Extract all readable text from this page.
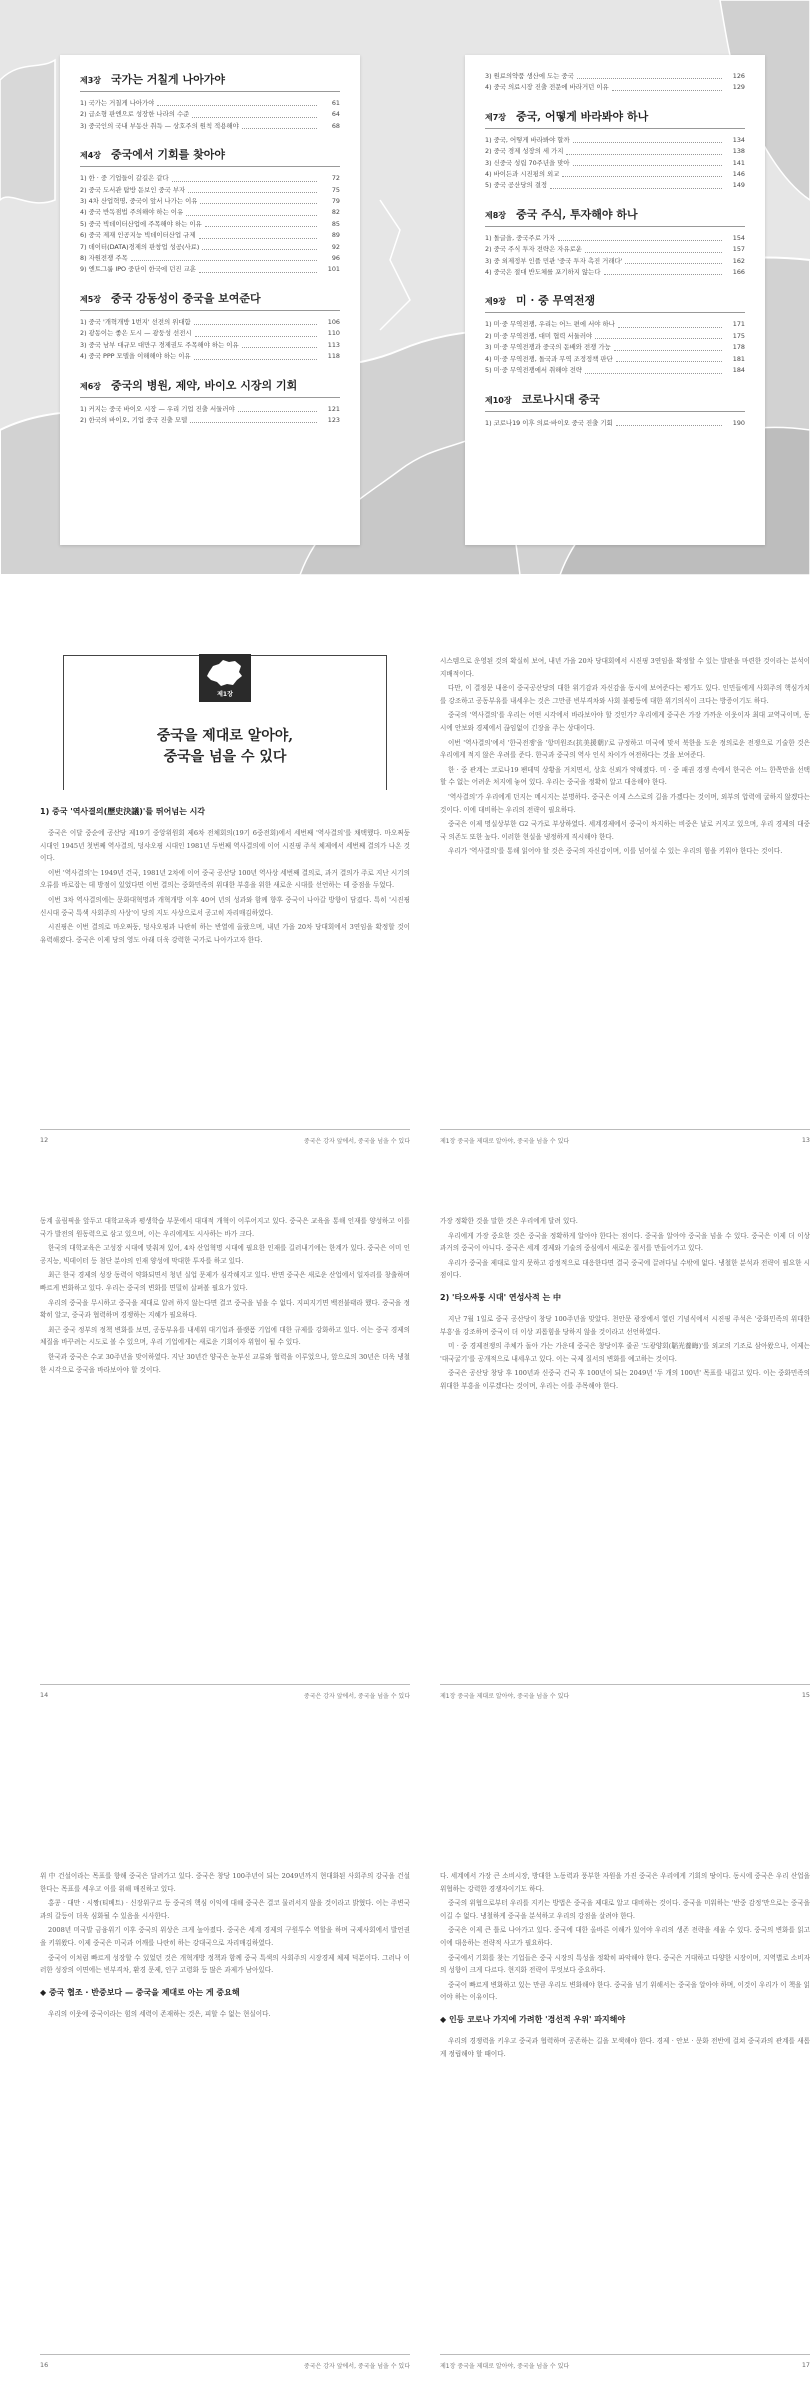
제3장 국가는 거칠게 나아가야
1) 국가는 거칠게 나아가야	61
2) 급소형 판엔으로 성장한 나라의 수준	64
3) 중국인의 국내 부동산 취득 — 상호주의 원칙 적용해야	68
제4장 중국에서 기회를 찾아야
1) 한 · 중 기업들이 갈길은 같다	72
2) 중국 도서관 탐방 돋보인 중국 부자	75
3) 4차 산업혁명, 중국이 앞서 나가는 이유	79
4) 중국 반독점법 주의해야 하는 이유	82
5) 중국 빅데이터산업에 주목해야 하는 이유	85
6) 중국 제재 인공지능 빅데이터산업 규제	89
7) 데이터(DATA)경제의 판창업 성공(사료)	92
8) 자원전쟁 주목	96
9) 엔트그룹 IPO 중단이 한국에 던진 교훈	101
제5장 중국 강동성이 중국을 보여준다
1) 중국 '개혁개방 1번지' 선전의 위대함	106
2) 광동이는 좋은 도시 — 광둥성 선전시	110
3) 중국 남부 대규모 대만구 경제권도 주목해야 하는 이유	113
4) 중국 PPP 모델을 이해해야 하는 이유	118
제6장 중국의 병원, 제약, 바이오 시장의 기회
1) 커지는 중국 바이오 시장 — 우리 기업 진출 서둘러야	121
2) 한국의 바이오, 기업 중국 진출 모델	123
3) 원료의약품 생산에 도는 중국	126
4) 중국 의료시장 진출 전문에 바라거던 이유	129
제7장 중국, 어떻게 바라봐야 하나
1) 중국, 어떻게 바라봐야 할까	134
2) 중국 경제 성장의 세 가지	138
3) 신중국 성립 70주년을 맞아	141
4) 바이든과 시진핑의 외교	146
5) 중국 공산당의 결정	149
제8장 중국 주식, 투자해야 하나
1) 돌글을, 중국주로 가자	154
2) 중국 주식 투자 전략은 자유로운	157
3) 중 외제정부 인플 민관 '중국 투자 촉진 거래다'	162
4) 중국은 절대 반도체를 포기하지 않는다	166
제9장 미 · 중 무역전쟁
1) 미·중 무역전쟁, 우리는 어느 편에 서야 하나	171
2) 미·중 무역전쟁, 대미 협력 서둘러야	175
3) 미·중 무역전쟁과 중국의 돋배와 전쟁 가능	178
4) 미·중 무역전쟁, 돌국과 무역 조정정책 판단	181
5) 미·중 무역전쟁에서 취해야 전략	184
제10장 코로나시대 중국
1) 코로나19 이후 의료·바이오 중국 진출 기회	190
제1장
중국을 제대로 알아야,
중국을 넘을 수 있다
1) 중국 '역사결의(歷史決議)'를 뛰어넘는 시각

중국은 이달 중순에 공산당 제19기 중앙위원회 제6차 전체회의(19기 6중전회)에서 세번째 '역사결의'를 채택했다. 마오쩌둥 시대인 1945년 첫번째 역사결의, 덩샤오핑 시대인 1981년 두번째 역사결의에 이어 시진핑 주석 체제에서 세번째 결의가 나온 것이다.

이번 '역사결의'는 1949년 건국, 1981년 2차에 이어 중국 공산당 100년 역사상 세번째 결의로, 과거 결의가 주로 지난 시기의 오류를 바로잡는 데 방점이 있었다면 이번 결의는 중화민족의 위대한 부흥을 위한 새로운 시대를 선언하는 데 중점을 두었다.

이번 3차 역사결의에는 문화대혁명과 개혁개방 이후 40여 년의 성과와 함께 향후 중국이 나아갈 방향이 담겼다. 특히 '시진핑 신시대 중국 특색 사회주의 사상'이 당의 지도 사상으로서 공고히 자리매김하였다.

시진핑은 이번 결의로 마오쩌둥, 덩샤오핑과 나란히 하는 반열에 올랐으며, 내년 가을 20차 당대회에서 3연임을 확정할 것이 유력해졌다. 중국은 이제 당의 영도 아래 더욱 강력한 국가로 나아가고자 한다.

12	중국은 강자 앞에서, 중국을 넘을 수 있다

시스템으로 운영된 것의 확실히 보여, 내년 가을 20차 당대회에서 시진핑 3연임을 확정할 수 있는 발판을 마련한 것이라는 분석이 지배적이다.

다만, 이 결정문 내용이 중국공산당의 대한 위기감과 자신감을 동시에 보여준다는 평가도 있다. 인민들에게 사회주의 핵심가치를 강조하고 공동부유를 내세우는 것은 그만큼 빈부격차와 사회 불평등에 대한 위기의식이 크다는 방증이기도 하다.

중국의 '역사결의'를 우리는 어떤 시각에서 바라보아야 할 것인가? 우리에게 중국은 가장 가까운 이웃이자 최대 교역국이며, 동시에 안보와 경제에서 끊임없이 긴장을 주는 상대이다.

이번 '역사결의'에서 '한국전쟁'을 '항미원조(抗美援朝)'로 규정하고 미국에 맞서 북한을 도운 정의로운 전쟁으로 기술한 것은 우리에게 적지 않은 우려를 준다. 한국과 중국의 역사 인식 차이가 여전하다는 것을 보여준다.

한 · 중 관계는 코로나19 팬데믹 상황을 거치면서, 상호 신뢰가 약해졌다. 미 · 중 패권 경쟁 속에서 한국은 어느 한쪽만을 선택할 수 없는 어려운 처지에 놓여 있다. 우리는 중국을 정확히 알고 대응해야 한다.

'역사결의'가 우리에게 던지는 메시지는 분명하다. 중국은 이제 스스로의 길을 가겠다는 것이며, 외부의 압력에 굴하지 않겠다는 것이다. 이에 대비하는 우리의 전략이 필요하다.

중국은 이제 명실상부한 G2 국가로 부상하였다. 세계경제에서 중국이 차지하는 비중은 날로 커지고 있으며, 우리 경제의 대중국 의존도 또한 높다. 이러한 현실을 냉정하게 직시해야 한다.

우리가 '역사결의'를 통해 읽어야 할 것은 중국의 자신감이며, 이를 넘어설 수 있는 우리의 힘을 키워야 한다는 것이다.

제1장 중국을 제대로 알아야, 중국을 넘을 수 있다	13

동계 올림픽을 앞두고 대학교육과 평생학습 부문에서 대대적 개혁이 이루어지고 있다. 중국은 교육을 통해 인재를 양성하고 이를 국가 발전의 원동력으로 삼고 있으며, 이는 우리에게도 시사하는 바가 크다.

한국의 대학교육은 고성장 시대에 맞춰져 있어, 4차 산업혁명 시대에 필요한 인재를 길러내기에는 한계가 있다. 중국은 이미 인공지능, 빅데이터 등 첨단 분야의 인재 양성에 막대한 투자를 하고 있다.

최근 한국 경제의 성장 동력이 약화되면서 청년 실업 문제가 심각해지고 있다. 반면 중국은 새로운 산업에서 일자리를 창출하며 빠르게 변화하고 있다. 우리는 중국의 변화를 면밀히 살펴볼 필요가 있다.

우리의 중국을 무시하고 중국을 제대로 알려 하지 않는다면 결코 중국을 넘을 수 없다. 지피지기면 백전불태라 했다. 중국을 정확히 알고, 중국과 협력하며 경쟁하는 지혜가 필요하다.

최근 중국 정부의 정책 변화를 보면, 공동부유를 내세워 대기업과 플랫폼 기업에 대한 규제를 강화하고 있다. 이는 중국 경제의 체질을 바꾸려는 시도로 볼 수 있으며, 우리 기업에게는 새로운 기회이자 위협이 될 수 있다.

한국과 중국은 수교 30주년을 맞이하였다. 지난 30년간 양국은 눈부신 교류와 협력을 이루었으나, 앞으로의 30년은 더욱 냉철한 시각으로 중국을 바라보아야 할 것이다.

14	중국은 강자 앞에서, 중국을 넘을 수 있다

가장 정확한 것을 말한 것은 우리에게 달려 있다.

우리에게 가장 중요한 것은 중국을 정확하게 알아야 한다는 점이다. 중국을 알아야 중국을 넘을 수 있다. 중국은 이제 더 이상 과거의 중국이 아니다. 중국은 세계 경제와 기술의 중심에서 새로운 질서를 만들어가고 있다.

우리가 중국을 제대로 알지 못하고 감정적으로 대응한다면 결국 중국에 끌려다닐 수밖에 없다. 냉철한 분석과 전략이 필요한 시점이다.

2) '타오싸퉁 시대' 연성사적 는 中

지난 7월 1일로 중국 공산당이 창당 100주년을 맞았다. 천안문 광장에서 열린 기념식에서 시진핑 주석은 '중화민족의 위대한 부흥'을 강조하며 중국이 더 이상 괴롭힘을 당하지 않을 것이라고 선언하였다.

미 · 중 경제전쟁의 주체가 돌아 가는 가운데 중국은 창당이후 줄곧 '도광양회(韜光養晦)'를 외교의 기조로 삼아왔으나, 이제는 '대국굴기'를 공개적으로 내세우고 있다. 이는 국제 질서의 변화를 예고하는 것이다.

중국은 공산당 창당 후 100년과 신중국 건국 후 100년이 되는 2049년 '두 개의 100년' 목표를 내걸고 있다. 이는 중화민족의 위대한 부흥을 이루겠다는 것이며, 우리는 이를 주목해야 한다.

제1장 중국을 제대로 알아야, 중국을 넘을 수 있다	15

위 中 건설이라는 목표를 향해 중국은 달려가고 있다. 중국은 창당 100주년이 되는 2049년까지 현대화된 사회주의 강국을 건설한다는 목표를 세우고 이를 위해 매진하고 있다.

홍콩 · 대만 · 시짱(티베트) · 신장위구르 등 중국의 핵심 이익에 대해 중국은 결코 물러서지 않을 것이라고 밝혔다. 이는 주변국과의 갈등이 더욱 심화될 수 있음을 시사한다.

2008년 미국발 금융위기 이후 중국의 위상은 크게 높아졌다. 중국은 세계 경제의 구원투수 역할을 하며 국제사회에서 발언권을 키워왔다. 이제 중국은 미국과 어깨를 나란히 하는 강대국으로 자리매김하였다.

중국이 이처럼 빠르게 성장할 수 있었던 것은 개혁개방 정책과 함께 중국 특색의 사회주의 시장경제 체제 덕분이다. 그러나 이러한 성장의 이면에는 빈부격차, 환경 문제, 인구 고령화 등 많은 과제가 남아있다.

◆ 중국 협조 · 반중보다 — 중국을 제대로 아는 게 중요해

우리의 이웃에 중국이라는 힘의 세력이 존재하는 것은, 피할 수 없는 현실이다.

16	중국은 강자 앞에서, 중국을 넘을 수 있다

다. 세계에서 가장 큰 소비시장, 방대한 노동력과 풍부한 자원을 가진 중국은 우리에게 기회의 땅이다. 동시에 중국은 우리 산업을 위협하는 강력한 경쟁자이기도 하다.

중국의 위협으로부터 우리를 지키는 방법은 중국을 제대로 알고 대비하는 것이다. 중국을 미워하는 '반중 감정'만으로는 중국을 이길 수 없다. 냉철하게 중국을 분석하고 우리의 강점을 살려야 한다.

중국은 이제 큰 틀로 나아가고 있다. 중국에 대한 올바른 이해가 있어야 우리의 생존 전략을 세울 수 있다. 중국의 변화를 읽고 이에 대응하는 전략적 사고가 필요하다.

중국에서 기회를 찾는 기업들은 중국 시장의 특성을 정확히 파악해야 한다. 중국은 거대하고 다양한 시장이며, 지역별로 소비자의 성향이 크게 다르다. 현지화 전략이 무엇보다 중요하다.

중국이 빠르게 변화하고 있는 만큼 우리도 변화해야 한다. 중국을 넘기 위해서는 중국을 알아야 하며, 이것이 우리가 이 책을 읽어야 하는 이유이다.

◆ 인등 코로나 가지에 가려한 '경선적 우위' 파지해야

우리의 경쟁력을 키우고 중국과 협력하며 공존하는 길을 모색해야 한다. 경제 · 안보 · 문화 전반에 걸쳐 중국과의 관계를 새롭게 정립해야 할 때이다.

제1장 중국을 제대로 알아야, 중국을 넘을 수 있다	17
